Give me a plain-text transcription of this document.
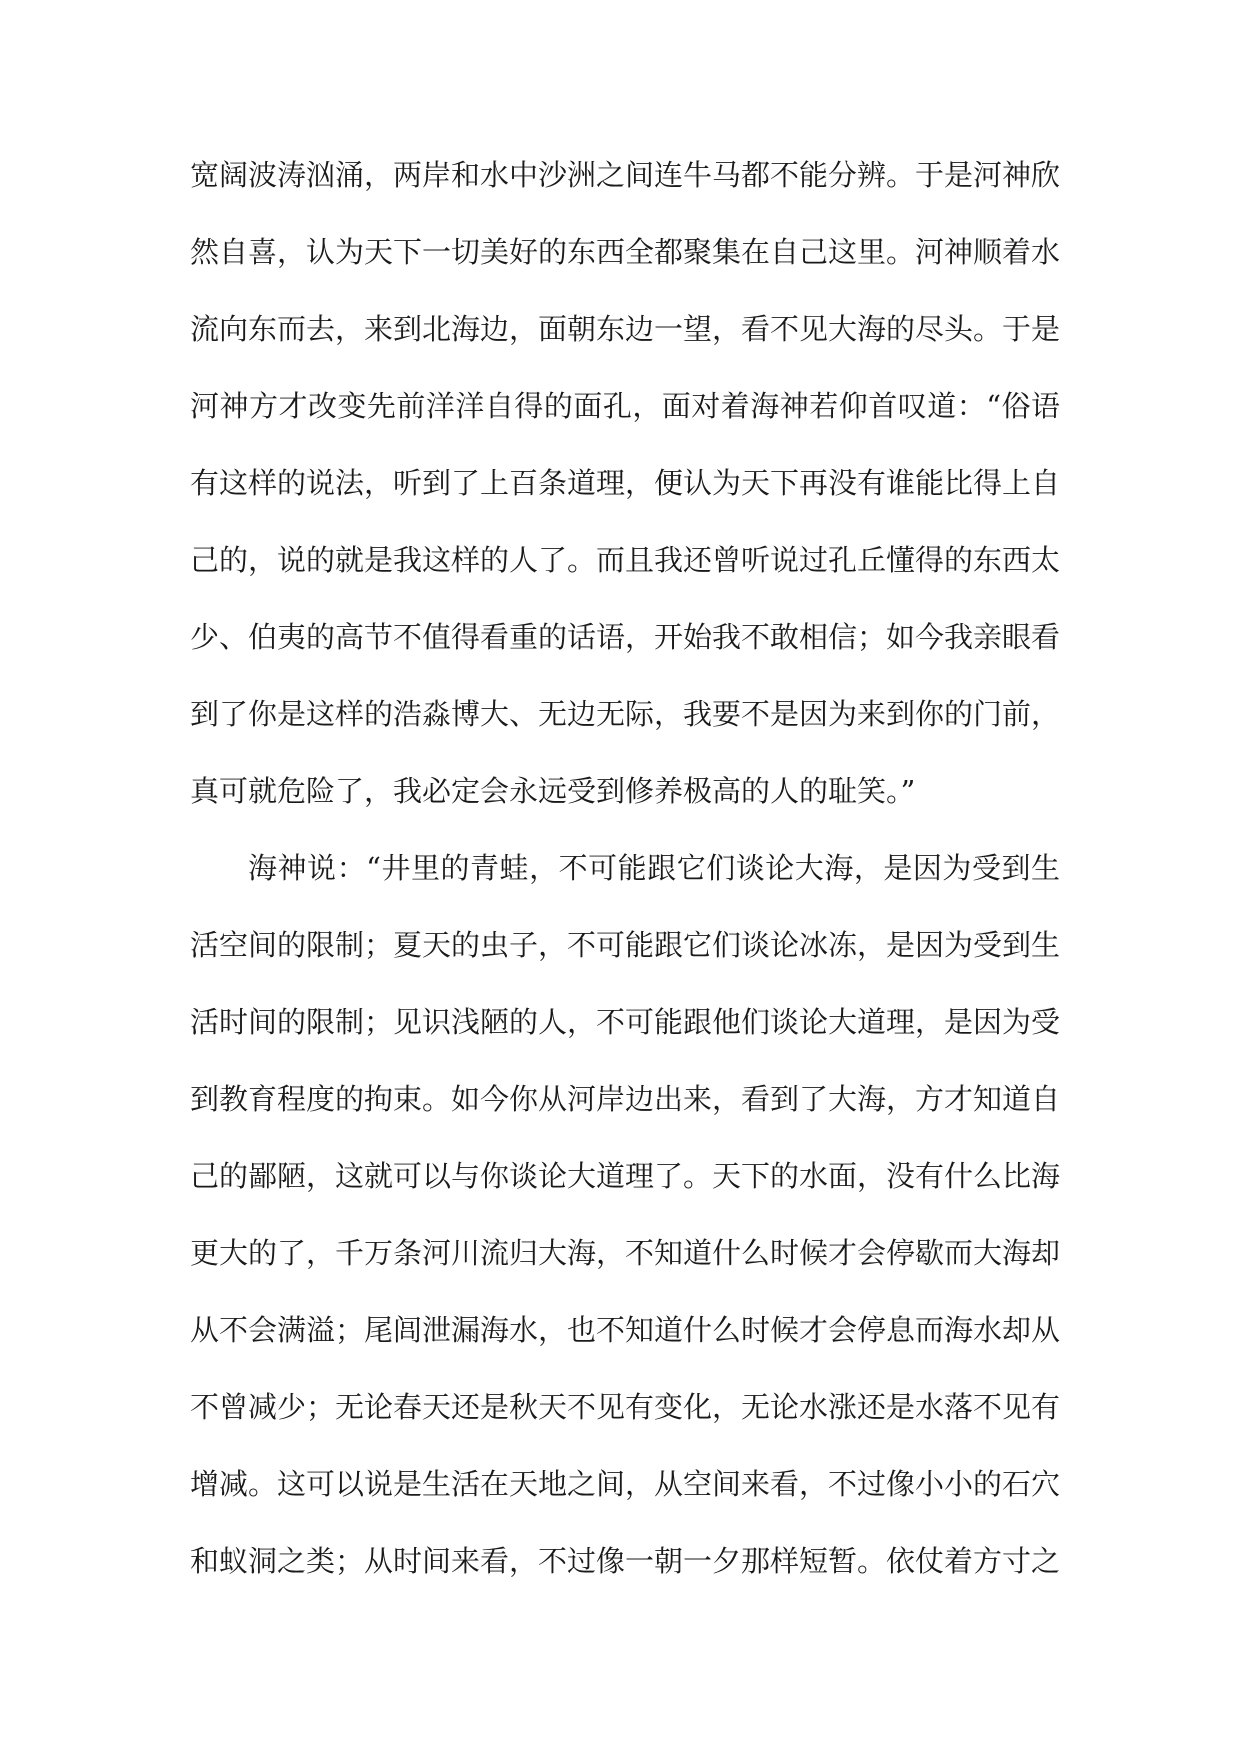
宽阔波涛汹涌，两岸和水中沙洲之间连牛马都不能分辨。于是河神欣
然自喜，认为天下一切美好的东西全都聚集在自己这里。河神顺着水
流向东而去，来到北海边，面朝东边一望，看不见大海的尽头。于是
河神方才改变先前洋洋自得的面孔，面对着海神若仰首叹道：“俗语
有这样的说法，听到了上百条道理，便认为天下再没有谁能比得上自
己的，说的就是我这样的人了。而且我还曾听说过孔丘懂得的东西太
少、伯夷的高节不值得看重的话语，开始我不敢相信；如今我亲眼看
到了你是这样的浩淼博大、无边无际，我要不是因为来到你的门前，
真可就危险了，我必定会永远受到修养极高的人的耻笑。”
海神说：“井里的青蛙，不可能跟它们谈论大海，是因为受到生
活空间的限制；夏天的虫子，不可能跟它们谈论冰冻，是因为受到生
活时间的限制；见识浅陋的人，不可能跟他们谈论大道理，是因为受
到教育程度的拘束。如今你从河岸边出来，看到了大海，方才知道自
己的鄙陋，这就可以与你谈论大道理了。天下的水面，没有什么比海
更大的了，千万条河川流归大海，不知道什么时候才会停歇而大海却
从不会满溢；尾闾泄漏海水，也不知道什么时候才会停息而海水却从
不曾减少；无论春天还是秋天不见有变化，无论水涨还是水落不见有
增减。这可以说是生活在天地之间，从空间来看，不过像小小的石穴
和蚁洞之类；从时间来看，不过像一朝一夕那样短暂。依仗着方寸之
